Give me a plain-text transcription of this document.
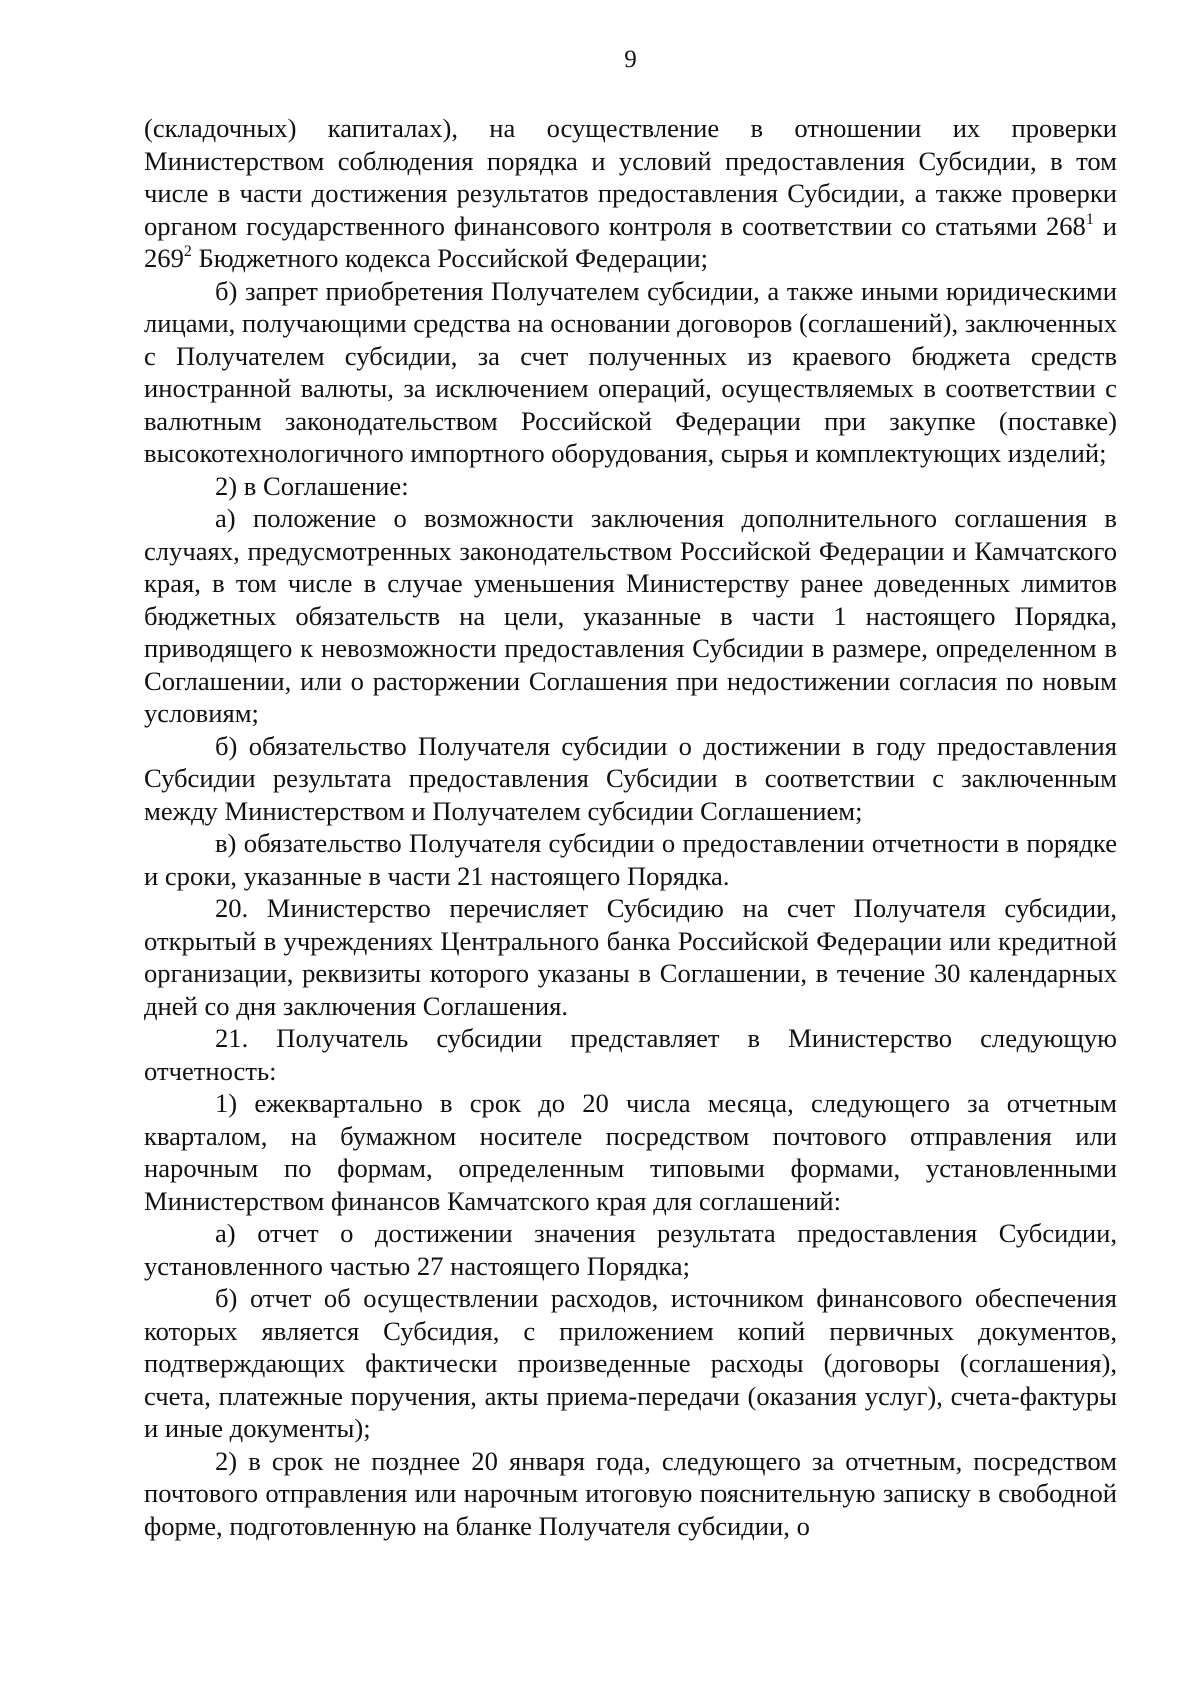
9

(складочных) капиталах), на осуществление в отношении их проверки Министерством соблюдения порядка и условий предоставления Субсидии, в том числе в части достижения результатов предоставления Субсидии, а также проверки органом государственного финансового контроля в соответствии со статьями $268^1$ и $269^2$ Бюджетного кодекса Российской Федерации;

б) запрет приобретения Получателем субсидии, а также иными юридическими лицами, получающими средства на основании договоров (соглашений), заключенных с Получателем субсидии, за счет полученных из краевого бюджета средств иностранной валюты, за исключением операций, осуществляемых в соответствии с валютным законодательством Российской Федерации при закупке (поставке) высокотехнологичного импортного оборудования, сырья и комплектующих изделий;

2) в Соглашение:

а) положение о возможности заключения дополнительного соглашения в случаях, предусмотренных законодательством Российской Федерации и Камчатского края, в том числе в случае уменьшения Министерству ранее доведенных лимитов бюджетных обязательств на цели, указанные в части 1 настоящего Порядка, приводящего к невозможности предоставления Субсидии в размере, определенном в Соглашении, или о расторжении Соглашения при недостижении согласия по новым условиям;

б) обязательство Получателя субсидии о достижении в году предоставления Субсидии результата предоставления Субсидии в соответствии с заключенным между Министерством и Получателем субсидии Соглашением;

в) обязательство Получателя субсидии о предоставлении отчетности в порядке и сроки, указанные в части 21 настоящего Порядка.

20. Министерство перечисляет Субсидию на счет Получателя субсидии, открытый в учреждениях Центрального банка Российской Федерации или кредитной организации, реквизиты которого указаны в Соглашении, в течение 30 календарных дней со дня заключения Соглашения.

21. Получатель субсидии представляет в Министерство следующую отчетность:

1) ежеквартально в срок до 20 числа месяца, следующего за отчетным кварталом, на бумажном носителе посредством почтового отправления или нарочным по формам, определенным типовыми формами, установленными Министерством финансов Камчатского края для соглашений:

а) отчет о достижении значения результата предоставления Субсидии, установленного частью 27 настоящего Порядка;

б) отчет об осуществлении расходов, источником финансового обеспечения которых является Субсидия, с приложением копий первичных документов, подтверждающих фактически произведенные расходы (договоры (соглашения), счета, платежные поручения, акты приема-передачи (оказания услуг), счета-фактуры и иные документы);

2) в срок не позднее 20 января года, следующего за отчетным, посредством почтового отправления или нарочным итоговую пояснительную записку в свободной форме, подготовленную на бланке Получателя субсидии, о
